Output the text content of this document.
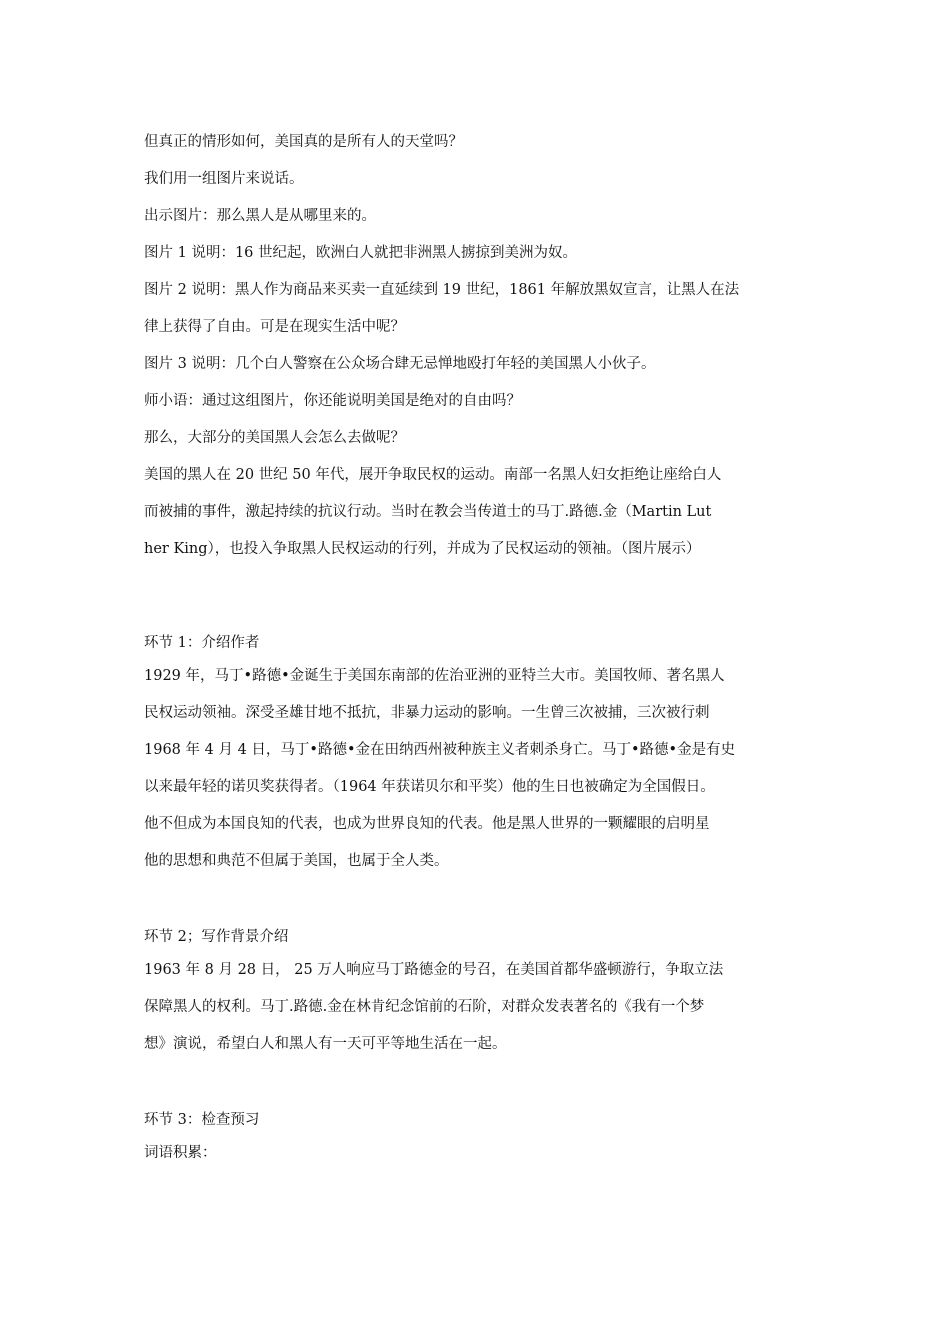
但真正的情形如何，美国真的是所有人的天堂吗？

我们用一组图片来说话。

出示图片：那么黑人是从哪里来的。

图片 1 说明：16 世纪起，欧洲白人就把非洲黑人掳掠到美洲为奴。

图片 2 说明：黑人作为商品来买卖一直延续到 19 世纪，1861 年解放黑奴宣言，让黑人在法

律上获得了自由。可是在现实生活中呢？

图片 3 说明：几个白人警察在公众场合肆无忌惮地殴打年轻的美国黑人小伙子。

师小语：通过这组图片，你还能说明美国是绝对的自由吗？

那么，大部分的美国黑人会怎么去做呢？

美国的黑人在 20 世纪 50 年代，展开争取民权的运动。南部一名黑人妇女拒绝让座给白人

而被捕的事件，激起持续的抗议行动。当时在教会当传道士的马丁.路德.金（Martin Lut

her King），也投入争取黑人民权运动的行列，并成为了民权运动的领袖。（图片展示）

环节 1：介绍作者

1929 年，马丁•路德•金诞生于美国东南部的佐治亚洲的亚特兰大市。美国牧师、著名黑人

民权运动领袖。深受圣雄甘地不抵抗，非暴力运动的影响。一生曾三次被捕，三次被行刺

1968 年 4 月 4 日，马丁•路德•金在田纳西州被种族主义者刺杀身亡。马丁•路德•金是有史

以来最年轻的诺贝奖获得者。（1964 年获诺贝尔和平奖）他的生日也被确定为全国假日。

他不但成为本国良知的代表，也成为世界良知的代表。他是黑人世界的一颗耀眼的启明星

他的思想和典范不但属于美国，也属于全人类。

环节 2；写作背景介绍

1963 年 8 月 28 日， 25 万人响应马丁路德金的号召，在美国首都华盛顿游行，争取立法

保障黑人的权利。马丁.路德.金在林肯纪念馆前的石阶，对群众发表著名的《我有一个梦

想》演说，希望白人和黑人有一天可平等地生活在一起。

环节 3：检查预习

词语积累：
